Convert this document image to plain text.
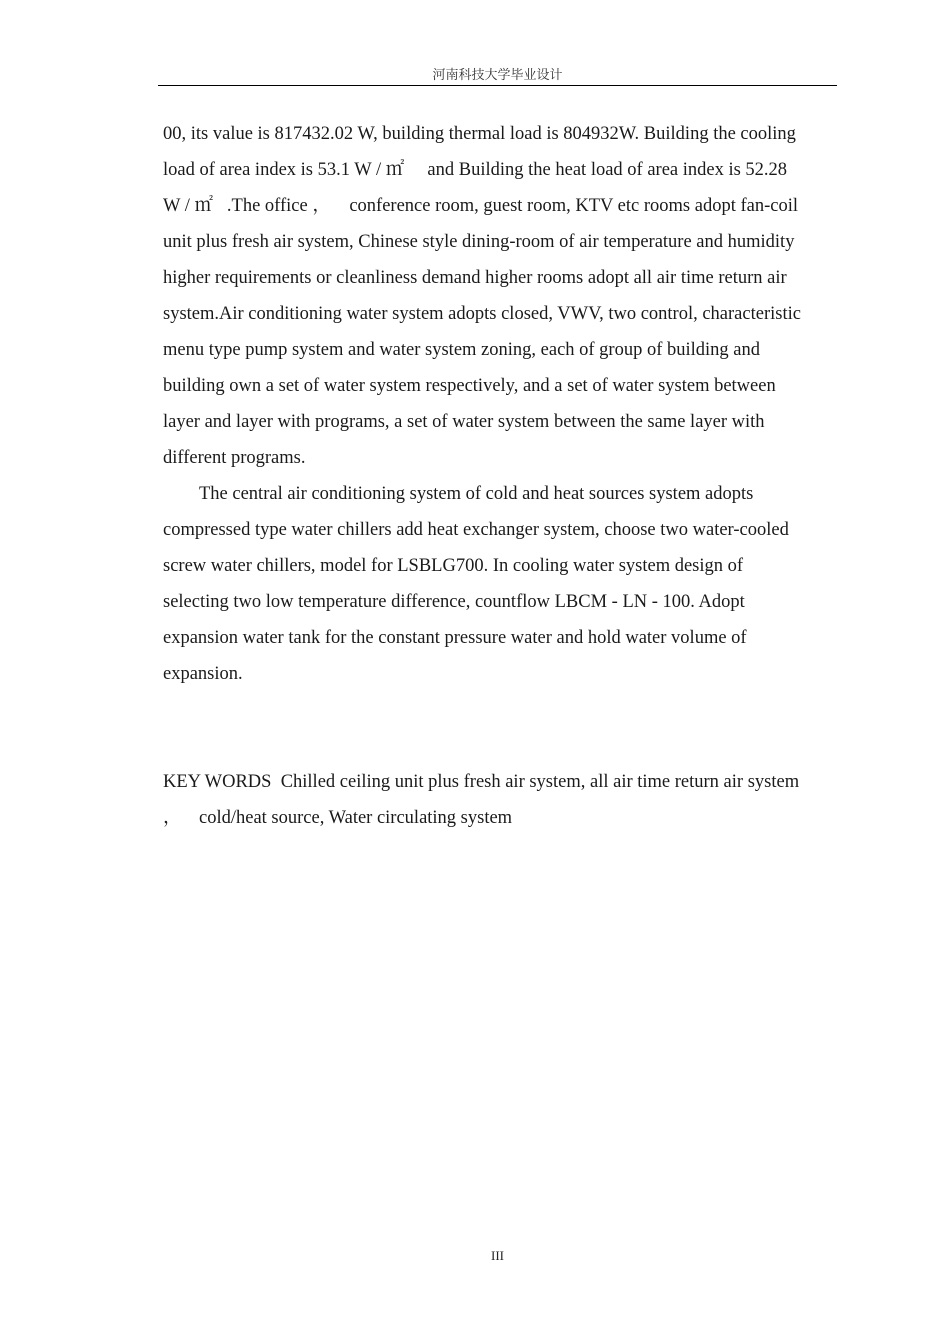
河南科技大学毕业设计
00, its value is 817432.02 W, building thermal load is 804932W. Building the cooling
load of area index is 53.1 W / ㎡     and Building the heat load of area index is 52.28
W / ㎡   .The office ，    conference room, guest room, KTV etc rooms adopt fan-coil
unit plus fresh air system, Chinese style dining-room of air temperature and humidity
higher requirements or cleanliness demand higher rooms adopt all air time return air
system.Air conditioning water system adopts closed, VWV, two control, characteristic
menu type pump system and water system zoning, each of group of building and
building own a set of water system respectively, and a set of water system between
layer and layer with programs, a set of water system between the same layer with
different programs.
The central air conditioning system of cold and heat sources system adopts
compressed type water chillers add heat exchanger system, choose two water-cooled
screw water chillers, model for LSBLG700. In cooling water system design of
selecting two low temperature difference, countflow LBCM - LN - 100. Adopt
expansion water tank for the constant pressure water and hold water volume of
expansion.
KEY WORDS Chilled ceiling unit plus fresh air system, all air time return air system
， cold/heat source, Water circulating system
III
